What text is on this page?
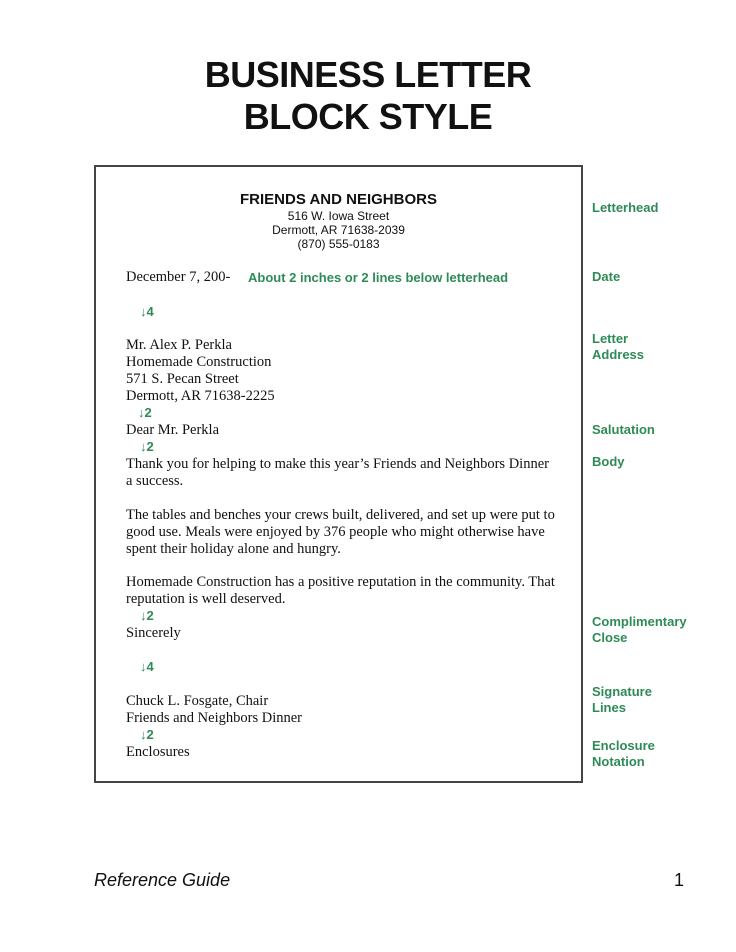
BUSINESS LETTER
BLOCK STYLE
FRIENDS AND NEIGHBORS
516 W. Iowa Street
Dermott, AR 71638-2039
(870) 555-0183
December 7, 200- About 2 inches or 2 lines below letterhead
↓4
Mr. Alex P. Perkla
Homemade Construction
571 S. Pecan Street
Dermott, AR 71638-2225
↓2
Dear Mr. Perkla
↓2
Thank you for helping to make this year’s Friends and Neighbors Dinner
a success.
The tables and benches your crews built, delivered, and set up were put to
good use. Meals were enjoyed by 376 people who might otherwise have
spent their holiday alone and hungry.
Homemade Construction has a positive reputation in the community. That
reputation is well deserved.
↓2
Sincerely
↓4
Chuck L. Fosgate, Chair
Friends and Neighbors Dinner
↓2
Enclosures
Letterhead
Date
Letter
Address
Salutation
Body
Complimentary
Close
Signature
Lines
Enclosure
Notation
Reference Guide	1
